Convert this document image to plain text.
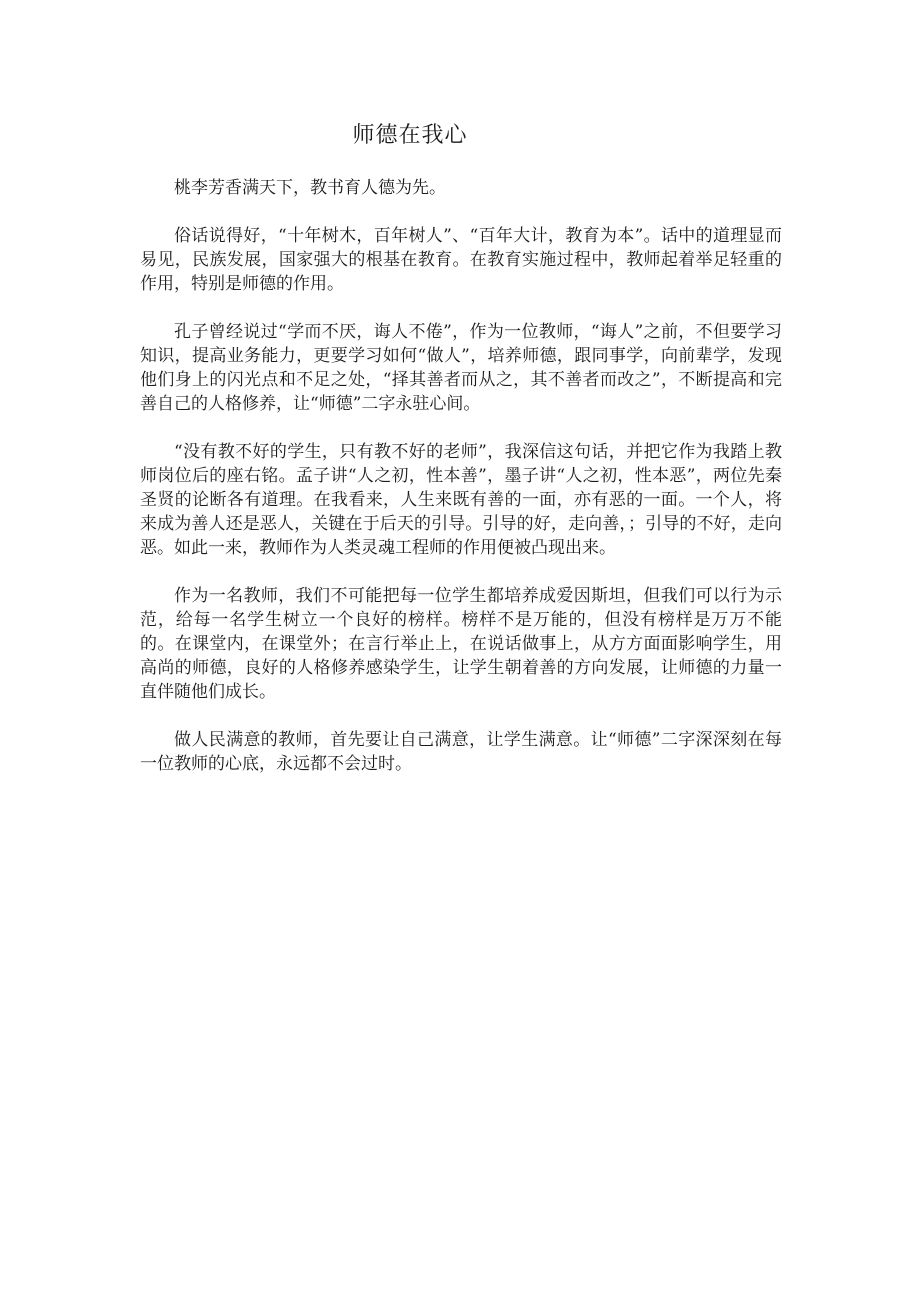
师德在我心

桃李芳香满天下，教书育人德为先。

俗话说得好，“十年树木，百年树人”、“百年大计，教育为本”。话中的道理显而易见，民族发展，国家强大的根基在教育。在教育实施过程中，教师起着举足轻重的作用，特别是师德的作用。

孔子曾经说过“学而不厌，诲人不倦”，作为一位教师，“诲人”之前，不但要学习知识，提高业务能力，更要学习如何“做人”，培养师德，跟同事学，向前辈学，发现他们身上的闪光点和不足之处，“择其善者而从之，其不善者而改之”，不断提高和完善自己的人格修养，让“师德”二字永驻心间。

“没有教不好的学生，只有教不好的老师”，我深信这句话，并把它作为我踏上教师岗位后的座右铭。孟子讲“人之初，性本善”，墨子讲“人之初，性本恶”，两位先秦圣贤的论断各有道理。在我看来，人生来既有善的一面，亦有恶的一面。一个人，将来成为善人还是恶人，关键在于后天的引导。引导的好，走向善，；引导的不好，走向恶。如此一来，教师作为人类灵魂工程师的作用便被凸现出来。

作为一名教师，我们不可能把每一位学生都培养成爱因斯坦，但我们可以行为示范，给每一名学生树立一个良好的榜样。榜样不是万能的，但没有榜样是万万不能的。在课堂内，在课堂外；在言行举止上，在说话做事上，从方方面面影响学生，用高尚的师德，良好的人格修养感染学生，让学生朝着善的方向发展，让师德的力量一直伴随他们成长。

做人民满意的教师，首先要让自己满意，让学生满意。让“师德”二字深深刻在每一位教师的心底，永远都不会过时。
